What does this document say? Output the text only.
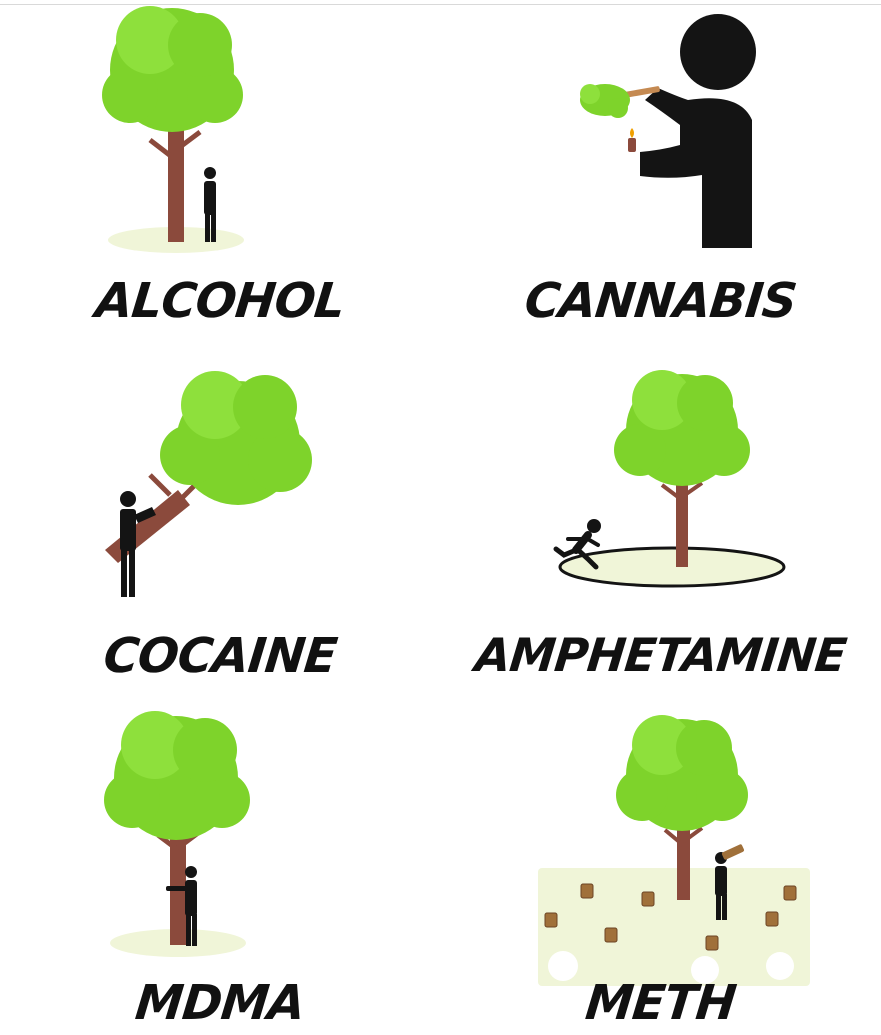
ALCOHOL	CANNABIS
COCAINE	AMPHETAMINE
MDMA	METH
